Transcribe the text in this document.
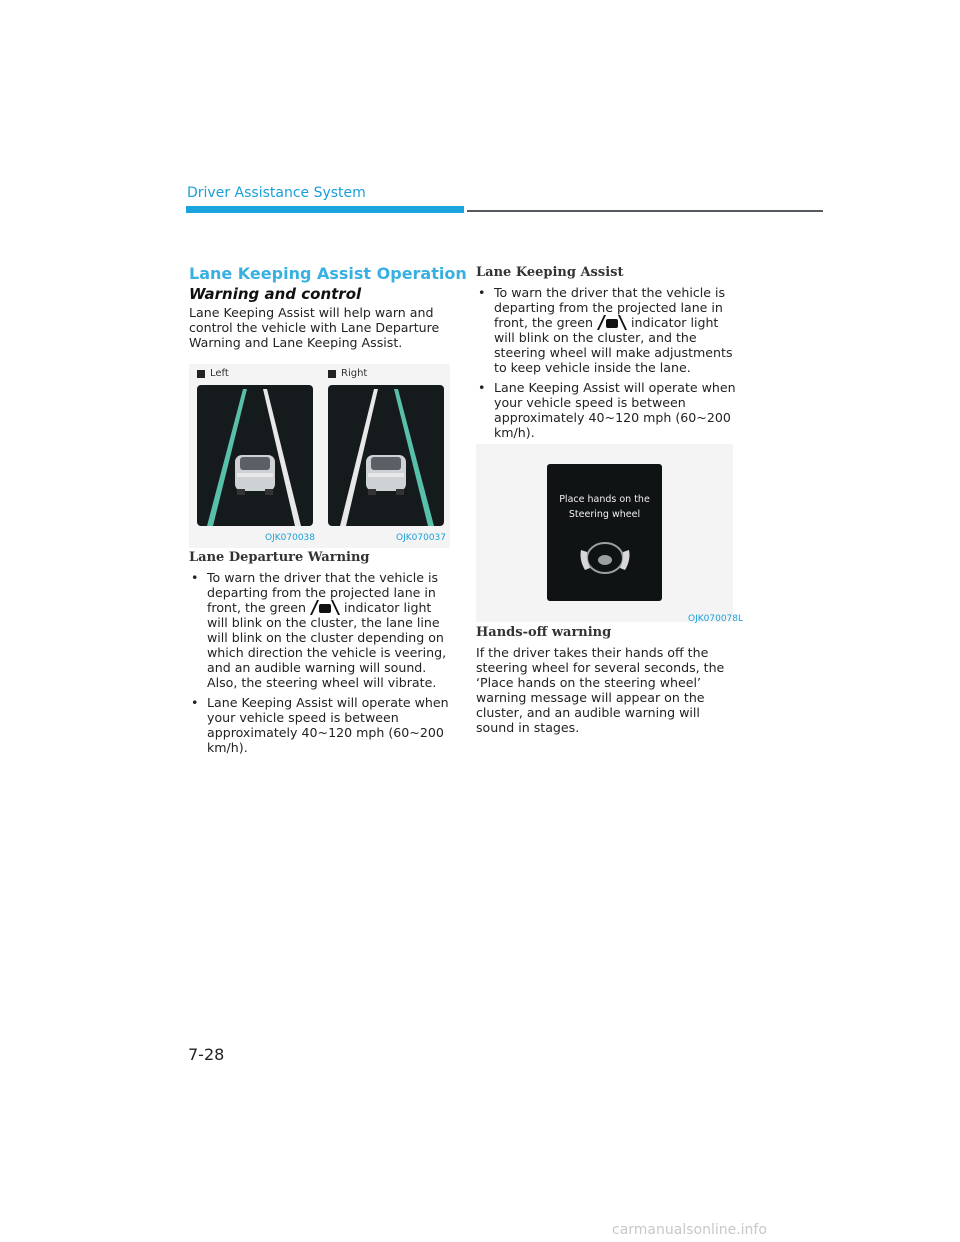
Driver Assistance System
Lane Keeping Assist Operation
Warning and control
Lane Keeping Assist will help warn and control the vehicle with Lane Departure Warning and Lane Keeping Assist.
Left	Right
OJK070038	OJK070037
Lane Departure Warning
• To warn the driver that the vehicle is departing from the projected lane in front, the green	indicator light will blink on the cluster, the lane line will blink on the cluster depending on which direction the vehicle is veering, and an audible warning will sound. Also, the steering wheel will vibrate.
• Lane Keeping Assist will operate when your vehicle speed is between approximately 40~120 mph (60~200 km/h).
Lane Keeping Assist
• To warn the driver that the vehicle is departing from the projected lane in front, the green	indicator light will blink on the cluster, and the steering wheel will make adjustments to keep vehicle inside the lane.
• Lane Keeping Assist will operate when your vehicle speed is between approximately 40~120 mph (60~200 km/h).
Place hands on the
Steering wheel
OJK070078L
Hands-off warning
If the driver takes their hands off the steering wheel for several seconds, the ‘Place hands on the steering wheel’ warning message will appear on the cluster, and an audible warning will sound in stages.
7-28
carmanualsonline.info
